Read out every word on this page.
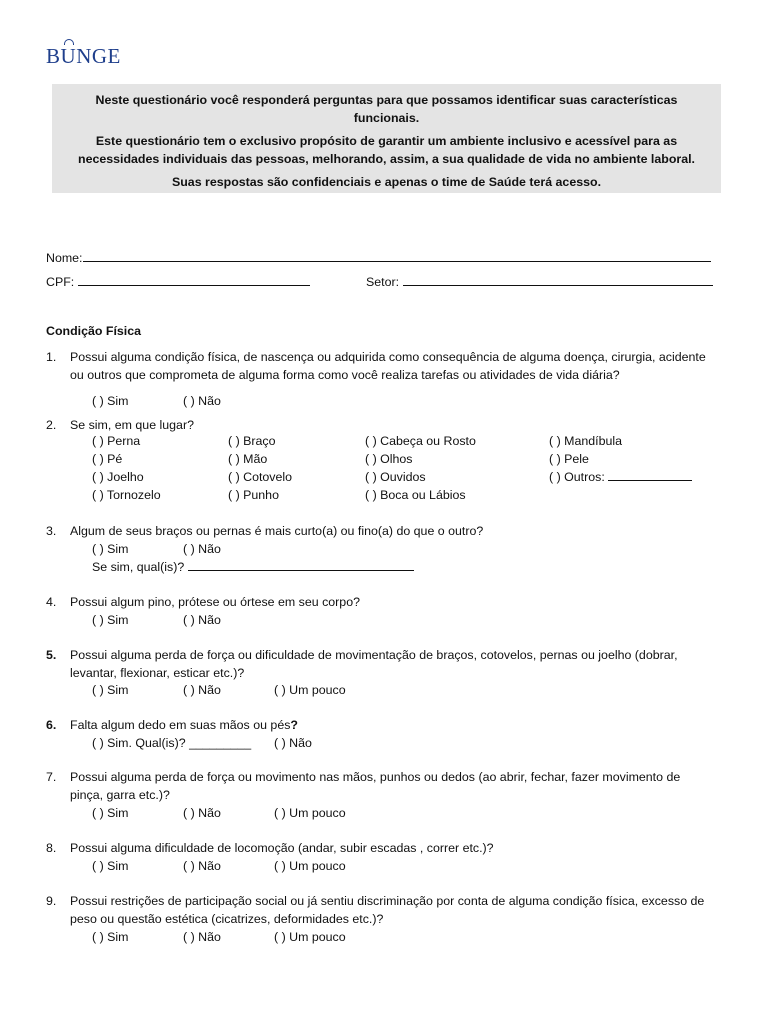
BUNGE

Neste questionário você responderá perguntas para que possamos identificar suas características funcionais.

Este questionário tem o exclusivo propósito de garantir um ambiente inclusivo e acessível para as necessidades individuais das pessoas, melhorando, assim, a sua qualidade de vida no ambiente laboral.

Suas respostas são confidenciais e apenas o time de Saúde terá acesso.

Nome:
CPF:	Setor:
Condição Física
1. Possui alguma condição física, de nascença ou adquirida como consequência de alguma doença, cirurgia, acidente ou outros que comprometa de alguma forma como você realiza tarefas ou atividades de vida diária?
( ) Sim	( ) Não
2. Se sim, em que lugar?
( ) Perna	( ) Braço	( ) Cabeça ou Rosto	( ) Mandíbula
( ) Pé	( ) Mão	( ) Olhos	( ) Pele
( ) Joelho	( ) Cotovelo	( ) Ouvidos	( ) Outros:
( ) Tornozelo	( ) Punho	( ) Boca ou Lábios
3. Algum de seus braços ou pernas é mais curto(a) ou fino(a) do que o outro?
( ) Sim	( ) Não
Se sim, qual(is)?
4. Possui algum pino, prótese ou órtese em seu corpo?
( ) Sim	( ) Não
5. Possui alguma perda de força ou dificuldade de movimentação de braços, cotovelos, pernas ou joelho (dobrar, levantar, flexionar, esticar etc.)?
( ) Sim	( ) Não	( ) Um pouco
6. Falta algum dedo em suas mãos ou pés?
( ) Sim. Qual(is)? _________ ( ) Não
7. Possui alguma perda de força ou movimento nas mãos, punhos ou dedos (ao abrir, fechar, fazer movimento de pinça, garra etc.)?
( ) Sim	( ) Não	( ) Um pouco
8. Possui alguma dificuldade de locomoção (andar, subir escadas , correr etc.)?
( ) Sim	( ) Não	( ) Um pouco
9. Possui restrições de participação social ou já sentiu discriminação por conta de alguma condição física, excesso de peso ou questão estética (cicatrizes, deformidades etc.)?
( ) Sim	( ) Não	( ) Um pouco
